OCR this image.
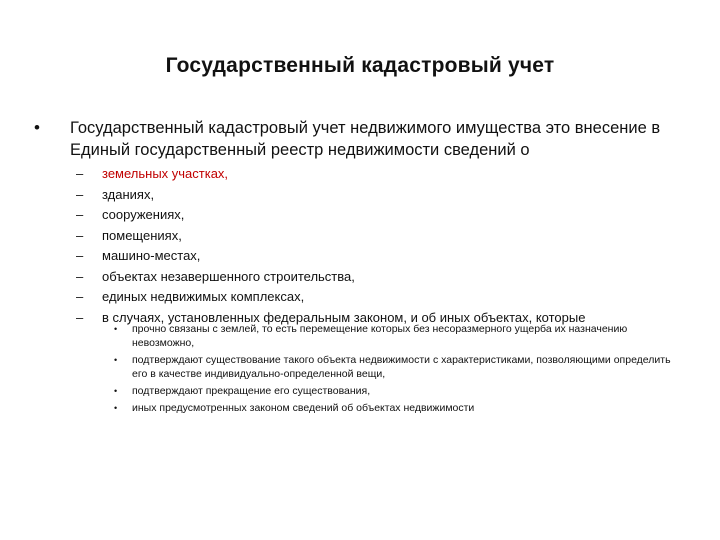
Государственный кадастровый учет
• Государственный кадастровый учет недвижимого имущества это внесение в Единый государственный реестр недвижимости сведений о
– земельных участках,
– зданиях,
– сооружениях,
– помещениях,
– машино-местах,
– объектах незавершенного строительства,
– единых недвижимых комплексах,
– в случаях, установленных федеральным законом, и об иных объектах, которые
• прочно связаны с землей, то есть перемещение которых без несоразмерного ущерба их назначению невозможно,
• подтверждают существование такого объекта недвижимости с характеристиками, позволяющими определить его в качестве индивидуально-определенной вещи,
• подтверждают прекращение его существования,
• иных предусмотренных законом сведений об объектах недвижимости
